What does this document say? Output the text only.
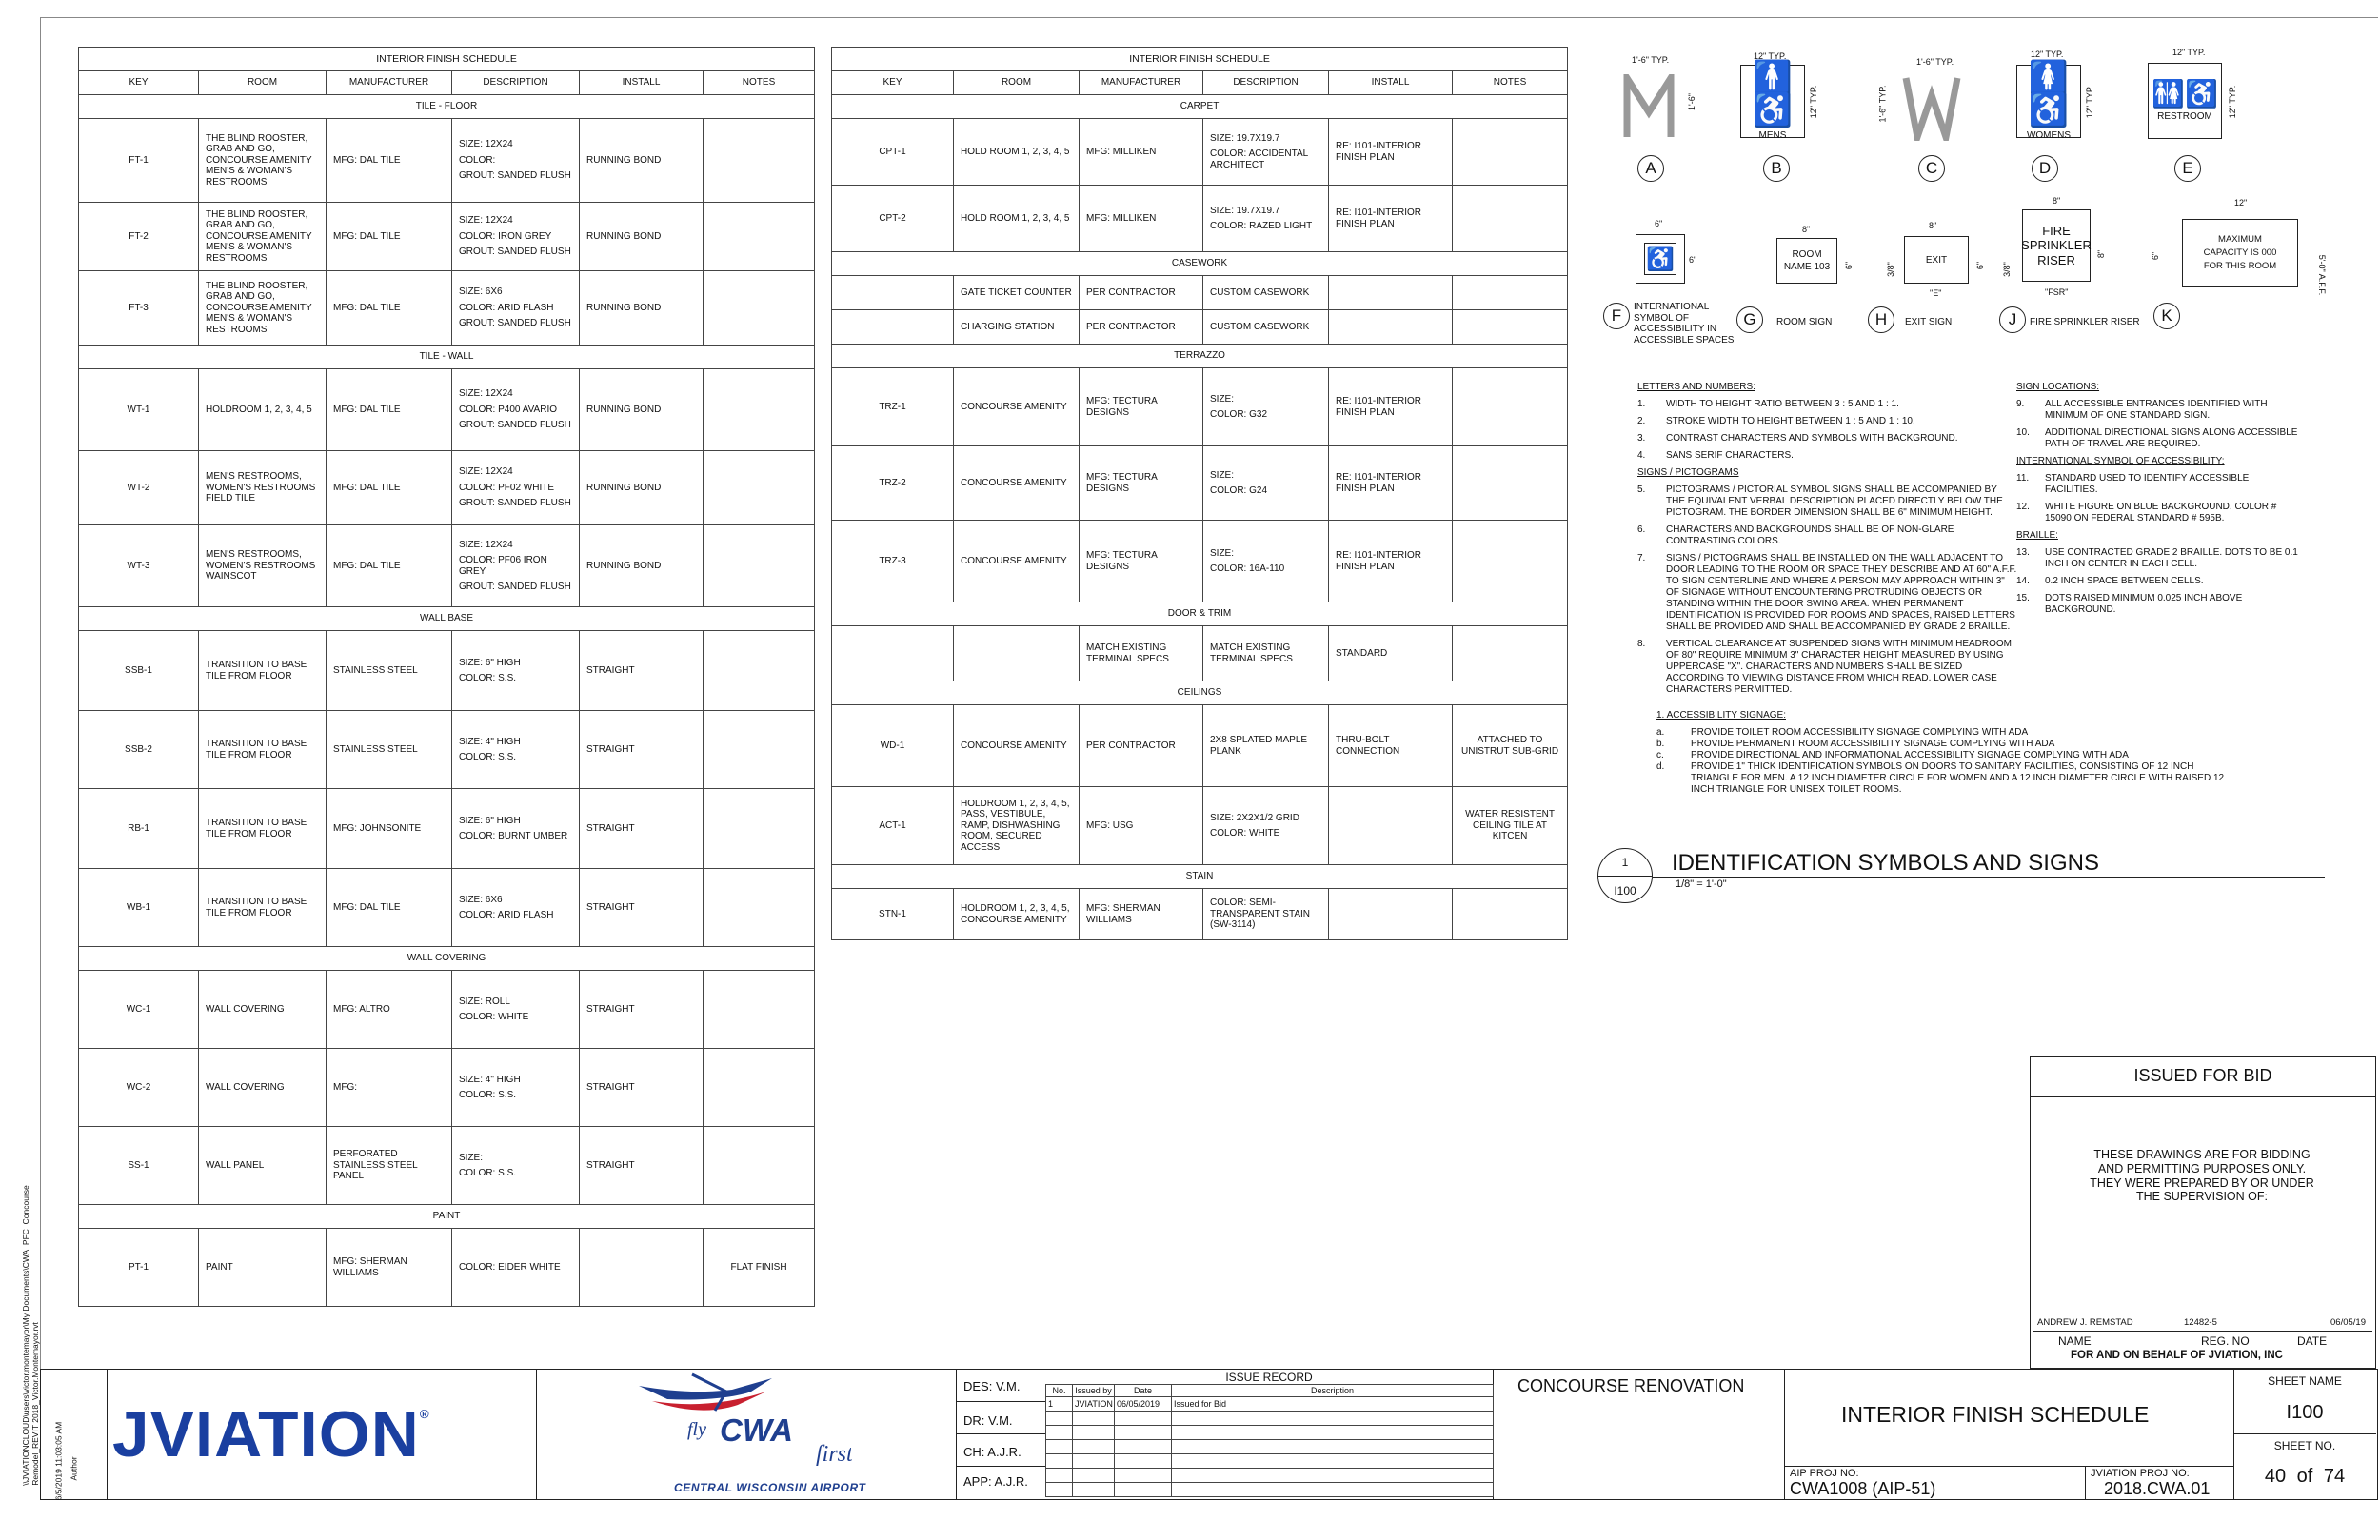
INTERIOR FINISH SCHEDULE					
KEY	ROOM	MANUFACTURER	DESCRIPTION	INSTALL	NOTES
TILE - FLOOR					
FT-1	THE BLIND ROOSTER, GRAB AND GO, CONCOURSE AMENITY MEN'S & WOMAN'S RESTROOMS	MFG: DAL TILE	SIZE: 12X24
COLOR:
GROUT: SANDED FLUSH	RUNNING BOND	
FT-2	THE BLIND ROOSTER, GRAB AND GO, CONCOURSE AMENITY MEN'S & WOMAN'S RESTROOMS	MFG: DAL TILE	SIZE: 12X24
COLOR: IRON GREY
GROUT: SANDED FLUSH	RUNNING BOND	
FT-3	THE BLIND ROOSTER, GRAB AND GO, CONCOURSE AMENITY MEN'S & WOMAN'S RESTROOMS	MFG: DAL TILE	SIZE: 6X6
COLOR: ARID FLASH
GROUT: SANDED FLUSH	RUNNING BOND	
TILE - WALL					
WT-1	HOLDROOM 1, 2, 3, 4, 5	MFG: DAL TILE	SIZE: 12X24
COLOR: P400 AVARIO
GROUT: SANDED FLUSH	RUNNING BOND	
WT-2	MEN'S RESTROOMS, WOMEN'S RESTROOMS FIELD TILE	MFG: DAL TILE	SIZE: 12X24
COLOR: PF02 WHITE
GROUT: SANDED FLUSH	RUNNING BOND	
WT-3	MEN'S RESTROOMS, WOMEN'S RESTROOMS WAINSCOT	MFG: DAL TILE	SIZE: 12X24
COLOR: PF06 IRON GREY
GROUT: SANDED FLUSH	RUNNING BOND	
WALL BASE					
SSB-1	TRANSITION TO BASE TILE FROM FLOOR	STAINLESS STEEL	SIZE: 6" HIGH
COLOR: S.S.	STRAIGHT	
SSB-2	TRANSITION TO BASE TILE FROM FLOOR	STAINLESS STEEL	SIZE: 4" HIGH
COLOR: S.S.	STRAIGHT	
RB-1	TRANSITION TO BASE TILE FROM FLOOR	MFG: JOHNSONITE	SIZE: 6" HIGH
COLOR: BURNT UMBER	STRAIGHT	
WB-1	TRANSITION TO BASE TILE FROM FLOOR	MFG: DAL TILE	SIZE: 6X6
COLOR: ARID FLASH	STRAIGHT	
WALL COVERING					
WC-1	WALL COVERING	MFG: ALTRO	SIZE: ROLL
COLOR: WHITE	STRAIGHT	
WC-2	WALL COVERING	MFG:	SIZE: 4" HIGH
COLOR: S.S.	STRAIGHT	
SS-1	WALL PANEL	PERFORATED STAINLESS STEEL PANEL	SIZE:
COLOR: S.S.	STRAIGHT	
PAINT					
PT-1	PAINT	MFG: SHERMAN WILLIAMS	COLOR: EIDER WHITE		FLAT FINISH
INTERIOR FINISH SCHEDULE					
KEY	ROOM	MANUFACTURER	DESCRIPTION	INSTALL	NOTES
CARPET					
CPT-1	HOLD ROOM 1, 2, 3, 4, 5	MFG: MILLIKEN	SIZE: 19.7X19.7
COLOR: ACCIDENTAL ARCHITECT	RE: I101-INTERIOR FINISH PLAN	
CPT-2	HOLD ROOM 1, 2, 3, 4, 5	MFG: MILLIKEN	SIZE: 19.7X19.7
COLOR: RAZED LIGHT	RE: I101-INTERIOR FINISH PLAN	
CASEWORK					
	GATE TICKET COUNTER	PER CONTRACTOR	CUSTOM CASEWORK		

	CHARGING STATION	PER CONTRACTOR	CUSTOM CASEWORK		

TERRAZZO					
TRZ-1	CONCOURSE AMENITY	MFG: TECTURA DESIGNS	SIZE:
COLOR: G32	RE: I101-INTERIOR FINISH PLAN	
TRZ-2	CONCOURSE AMENITY	MFG: TECTURA DESIGNS	SIZE:
COLOR: G24	RE: I101-INTERIOR FINISH PLAN	
TRZ-3	CONCOURSE AMENITY	MFG: TECTURA DESIGNS	SIZE:
COLOR: 16A-110	RE: I101-INTERIOR FINISH PLAN	
DOOR & TRIM					
		MATCH EXISTING TERMINAL SPECS	MATCH EXISTING TERMINAL SPECS	STANDARD	
CEILINGS					
WD-1	CONCOURSE AMENITY	PER CONTRACTOR	2X8 SPLATED MAPLE PLANK	THRU-BOLT CONNECTION	ATTACHED TO UNISTRUT SUB-GRID
ACT-1	HOLDROOM 1, 2, 3, 4, 5, PASS, VESTIBULE, RAMP, DISHWASHING ROOM, SECURED ACCESS	MFG: USG	SIZE: 2X2X1/2 GRID
COLOR: WHITE		WATER RESISTENT CEILING TILE AT KITCEN
STAIN					
STN-1	HOLDROOM 1, 2, 3, 4, 5, CONCOURSE AMENITY	MFG: SHERMAN WILLIAMS	COLOR: SEMI-TRANSPARENT STAIN (SW-3114)		

1'-6" TYP.
1'-6"
A
12" TYP.
🚹♿
MENS
12" TYP.
B
1'-6" TYP.
1'-6" TYP.
C
12" TYP.
🚺♿
WOMENS
12" TYP.
D
12" TYP.
🚻♿
RESTROOM 12" TYP.
E
6"
♿ 6"
F INTERNATIONAL SYMBOL OF ACCESSIBILITY IN ACCESSIBLE SPACES
8"
ROOM NAME 103	6"
G ROOM SIGN
8"
EXIT
3/8"	6"
"E"
H EXIT SIGN
8"
FIRE SPRINKLER RISER
3/8"
8"
"FSR"
J FIRE SPRINKLER RISER
12"
MAXIMUM CAPACITY IS 000 FOR THIS ROOM
6"	5'-0" A.F.F.
K
LETTERS AND NUMBERS:
1.	WIDTH TO HEIGHT RATIO BETWEEN 3 : 5 AND 1 : 1.
2.	STROKE WIDTH TO HEIGHT BETWEEN 1 : 5 AND 1 : 10.
3.	CONTRAST CHARACTERS AND SYMBOLS WITH BACKGROUND.
4.	SANS SERIF CHARACTERS.
SIGNS / PICTOGRAMS
5.	PICTOGRAMS / PICTORIAL SYMBOL SIGNS SHALL BE ACCOMPANIED BY THE EQUIVALENT VERBAL DESCRIPTION PLACED DIRECTLY BELOW THE PICTOGRAM. THE BORDER DIMENSION SHALL BE 6" MINIMUM HEIGHT.
6.	CHARACTERS AND BACKGROUNDS SHALL BE OF NON-GLARE CONTRASTING COLORS.
7.	SIGNS / PICTOGRAMS SHALL BE INSTALLED ON THE WALL ADJACENT TO DOOR LEADING TO THE ROOM OR SPACE THEY DESCRIBE AND AT 60" A.F.F. TO SIGN CENTERLINE AND WHERE A PERSON MAY APPROACH WITHIN 3" OF SIGNAGE WITHOUT ENCOUNTERING PROTRUDING OBJECTS OR STANDING WITHIN THE DOOR SWING AREA. WHEN PERMANENT IDENTIFICATION IS PROVIDED FOR ROOMS AND SPACES, RAISED LETTERS SHALL BE PROVIDED AND SHALL BE ACCOMPANIED BY GRADE 2 BRAILLE.
8.	VERTICAL CLEARANCE AT SUSPENDED SIGNS WITH MINIMUM HEADROOM OF 80" REQUIRE MINIMUM 3" CHARACTER HEIGHT MEASURED BY USING UPPERCASE "X". CHARACTERS AND NUMBERS SHALL BE SIZED ACCORDING TO VIEWING DISTANCE FROM WHICH READ. LOWER CASE CHARACTERS PERMITTED.
SIGN LOCATIONS:
9.	ALL ACCESSIBLE ENTRANCES IDENTIFIED WITH MINIMUM OF ONE STANDARD SIGN.
10.	ADDITIONAL DIRECTIONAL SIGNS ALONG ACCESSIBLE PATH OF TRAVEL ARE REQUIRED.
INTERNATIONAL SYMBOL OF ACCESSIBILITY:
11.	STANDARD USED TO IDENTIFY ACCESSIBLE FACILITIES.
12.	WHITE FIGURE ON BLUE BACKGROUND. COLOR # 15090 ON FEDERAL STANDARD # 595B.
BRAILLE:
13.	USE CONTRACTED GRADE 2 BRAILLE. DOTS TO BE 0.1 INCH ON CENTER IN EACH CELL.
14.	0.2 INCH SPACE BETWEEN CELLS.
15.	DOTS RAISED MINIMUM 0.025 INCH ABOVE BACKGROUND.
1. ACCESSIBILITY SIGNAGE:
a.	PROVIDE TOILET ROOM ACCESSIBILITY SIGNAGE COMPLYING WITH ADA
b.	PROVIDE PERMANENT ROOM ACCESSIBILITY SIGNAGE COMPLYING WITH ADA
c.	PROVIDE DIRECTIONAL AND INFORMATIONAL ACCESSIBILITY SIGNAGE COMPLYING WITH ADA
d.	PROVIDE 1" THICK IDENTIFICATION SYMBOLS ON DOORS TO SANITARY FACILITIES, CONSISTING OF 12 INCH TRIANGLE FOR MEN. A 12 INCH DIAMETER CIRCLE FOR WOMEN AND A 12 INCH DIAMETER CIRCLE WITH RAISED 12 INCH TRIANGLE FOR UNISEX TOILET ROOMS.
1
I100
IDENTIFICATION SYMBOLS AND SIGNS
1/8" = 1'-0"
ISSUED FOR BID
THESE DRAWINGS ARE FOR BIDDING AND PERMITTING PURPOSES ONLY. THEY WERE PREPARED BY OR UNDER THE SUPERVISION OF:
ANDREW J. REMSTAD	12482-5	06/05/19
NAME	REG. NO	DATE
FOR AND ON BEHALF OF JVIATION, INC
\\JVIATIONCLOUD\users\victor.montemayor\My Documents\CWA_PFC_Concourse Remodel_REVIT 2018_Victor.Montemayor.rvt 6/5/2019 11:03:05 AM Author JVIATION®
fly CWA
first
CENTRAL WISCONSIN AIRPORT
DES: V.M.
DR: V.M.
CH: A.J.R.
APP: A.J.R.
ISSUE RECORD
No.	Issued by	Date	Description
1	JVIATION	06/05/2019	Issued for Bid

CONCOURSE RENOVATION
INTERIOR FINISH SCHEDULE
AIP PROJ NO:
CWA1008 (AIP-51)
JVIATION PROJ NO:
2018.CWA.01
SHEET NAME
I100
SHEET NO.
40 of 74
